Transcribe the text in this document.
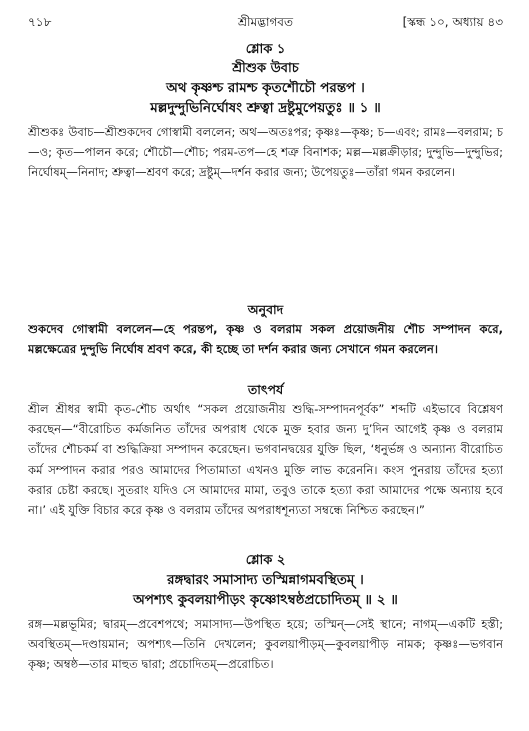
৭১৮	শ্রীমদ্ভাগবত	[স্কন্ধ ১০, অধ্যায় ৪৩
শ্লোক ১
শ্রীশুক উবাচ
অথ কৃষ্ণশ্চ রামশ্চ কৃতশৌচৌ পরন্তপ ।
মল্লদুন্দুভিনির্ঘোষং শ্রুত্বা দ্রষ্টুমুপেয়তুঃ ॥ ১ ॥

শ্রীশুকঃ উবাচ—শ্রীশুকদেব গোস্বামী বললেন; অথ—অতঃপর; কৃষ্ণঃ—কৃষ্ণ; চ—এবং; রামঃ—বলরাম; চ—ও; কৃত—পালন করে; শৌচৌ—শৌচ; পরম-তপ—হে শত্রু বিনাশক; মল্ল—মল্লক্রীড়ার; দুন্দুভি—দুন্দুভির; নির্ঘোষম্—নিনাদ; শ্রুত্বা—শ্রবণ করে; দ্রষ্টুম্—দর্শন করার জন্য; উপেয়তুঃ—তাঁরা গমন করলেন।

অনুবাদ

শুকদেব গোস্বামী বললেন—হে পরন্তপ, কৃষ্ণ ও বলরাম সকল প্রয়োজনীয় শৌচ সম্পাদন করে, মল্লক্ষেত্রের দুন্দুভি নির্ঘোষ শ্রবণ করে, কী হচ্ছে তা দর্শন করার জন্য সেখানে গমন করলেন।

তাৎপর্য

শ্রীল শ্রীধর স্বামী কৃত-শৌচ অর্থাৎ “সকল প্রয়োজনীয় শুদ্ধি-সম্পাদনপূর্বক” শব্দটি এইভাবে বিশ্লেষণ করছেন—“বীরোচিত কর্মজনিত তাঁদের অপরাধ থেকে মুক্ত হবার জন্য দু’দিন আগেই কৃষ্ণ ও বলরাম তাঁদের শৌচকর্ম বা শুদ্ধিক্রিয়া সম্পাদন করেছেন। ভগবানদ্বয়ের যুক্তি ছিল, ‘ধনুর্ভঙ্গ ও অন্যান্য বীরোচিত কর্ম সম্পাদন করার পরও আমাদের পিতামাতা এখনও মুক্তি লাভ করেননি। কংস পুনরায় তাঁদের হত্যা করার চেষ্টা করছে। সুতরাং যদিও সে আমাদের মামা, তবুও তাকে হত্যা করা আমাদের পক্ষে অন্যায় হবে না।’ এই যুক্তি বিচার করে কৃষ্ণ ও বলরাম তাঁদের অপরাধশূন্যতা সম্বন্ধে নিশ্চিত করছেন।”

শ্লোক ২
রঙ্গদ্বারং সমাসাদ্য তস্মিন্নাগমবস্থিতম্ ।
অপশ্যৎ কুবলয়াপীড়ং কৃষ্ণোঽম্বষ্ঠপ্রচোদিতম্ ॥ ২ ॥

রঙ্গ—মল্লভূমির; দ্বারম্—প্রবেশপথে; সমাসাদ্য—উপস্থিত হয়ে; তস্মিন্—সেই স্থানে; নাগম্—একটি হস্তী; অবস্থিতম্—দণ্ডায়মান; অপশ্যৎ—তিনি দেখলেন; কুবলয়াপীড়ম্—কুবলয়াপীড় নামক; কৃষ্ণঃ—ভগবান কৃষ্ণ; অম্বষ্ঠ—তার মাহুত দ্বারা; প্রচোদিতম্—প্ররোচিত।
